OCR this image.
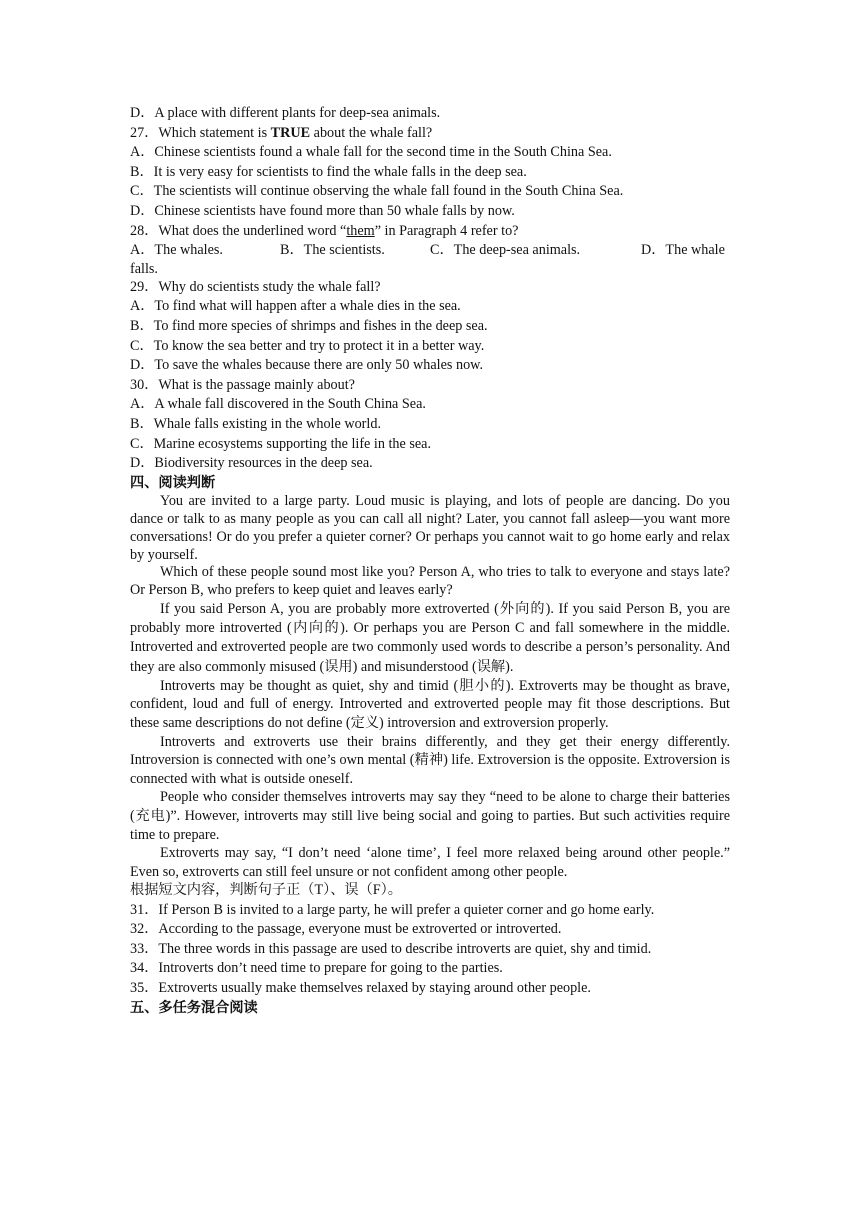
D．A place with different plants for deep-sea animals.
27．Which statement is TRUE about the whale fall?
A．Chinese scientists found a whale fall for the second time in the South China Sea.
B．It is very easy for scientists to find the whale falls in the deep sea.
C．The scientists will continue observing the whale fall found in the South China Sea.
D．Chinese scientists have found more than 50 whale falls by now.
28．What does the underlined word “them” in Paragraph 4 refer to?
A．The whales.	B．The scientists.	C．The deep-sea animals.	D．The whale
falls.
29．Why do scientists study the whale fall?
A．To find what will happen after a whale dies in the sea.
B．To find more species of shrimps and fishes in the deep sea.
C．To know the sea better and try to protect it in a better way.
D．To save the whales because there are only 50 whales now.
30．What is the passage mainly about?
A．A whale fall discovered in the South China Sea.
B．Whale falls existing in the whole world.
C．Marine ecosystems supporting the life in the sea.
D．Biodiversity resources in the deep sea.
四、阅读判断
You are invited to a large party. Loud music is playing, and lots of people are dancing. Do you dance or talk to as many people as you can call all night? Later, you cannot fall asleep—you want more conversations! Or do you prefer a quieter corner? Or perhaps you cannot wait to go home early and relax by yourself.
Which of these people sound most like you? Person A, who tries to talk to everyone and stays late? Or Person B, who prefers to keep quiet and leaves early?
If you said Person A, you are probably more extroverted (外向的). If you said Person B, you are probably more introverted (内向的). Or perhaps you are Person C and fall somewhere in the middle. Introverted and extroverted people are two commonly used words to describe a person’s personality. And they are also commonly misused (误用) and misunderstood (误解).
Introverts may be thought as quiet, shy and timid (胆小的). Extroverts may be thought as brave, confident, loud and full of energy. Introverted and extroverted people may fit those descriptions. But these same descriptions do not define (定义) introversion and extroversion properly.
Introverts and extroverts use their brains differently, and they get their energy differently. Introversion is connected with one’s own mental (精神) life. Extroversion is the opposite. Extroversion is connected with what is outside oneself.
People who consider themselves introverts may say they “need to be alone to charge their batteries (充电)”. However, introverts may still live being social and going to parties. But such activities require time to prepare.
Extroverts may say, “I don’t need ‘alone time’, I feel more relaxed being around other people.” Even so, extroverts can still feel unsure or not confident among other people.
根据短文内容，判断句子正（T）、误（F）。
31．If Person B is invited to a large party, he will prefer a quieter corner and go home early.
32．According to the passage, everyone must be extroverted or introverted.
33．The three words in this passage are used to describe introverts are quiet, shy and timid.
34．Introverts don’t need time to prepare for going to the parties.
35．Extroverts usually make themselves relaxed by staying around other people.
五、多任务混合阅读
